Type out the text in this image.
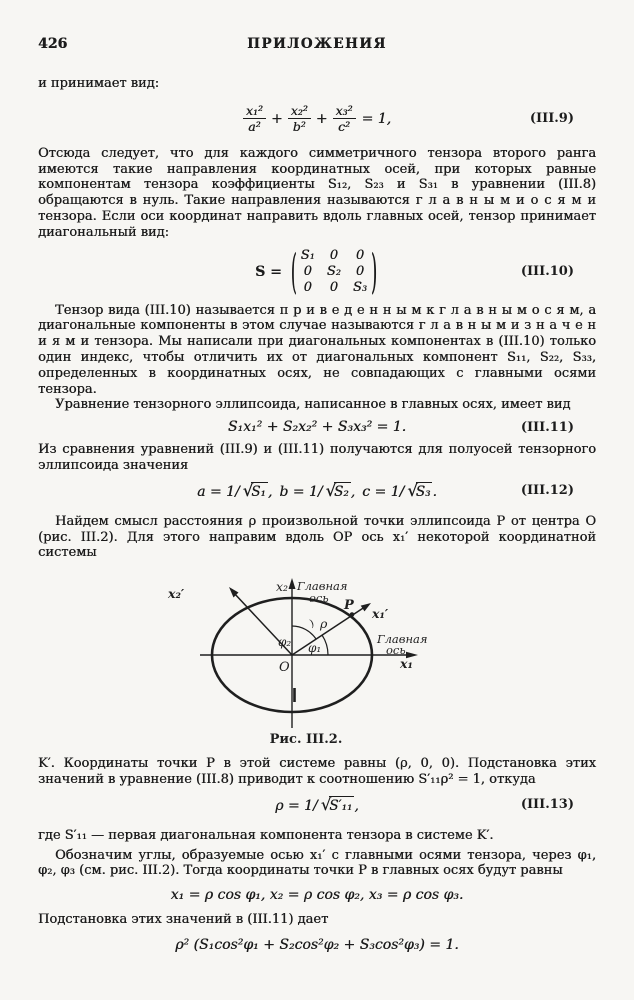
426	ПРИЛОЖЕНИЯ

и принимает вид:

$\frac{\text{x₁²}}{\text{a²}} + \frac{\text{x₂²}}{\text{b²}} + \frac{\text{x₃²}}{\text{c²}} = 1$,	(III.9)

Отсюда следует, что для каждого симметричного тензора второго ранга имеются такие направления координатных осей, при которых равные компонентам тензора коэффициенты S₁₂, S₂₃ и S₃₁ в уравнении (III.8) обращаются в нуль. Такие направления называются г л а в н ы м и о с я м и тензора. Если оси координат направить вдоль главных осей, тензор принимает диагональный вид:

S = ( S₁ 0 0
0 S₂ 0
0 0 S₃ )	(III.10)

Тензор вида (III.10) называется п р и в е д е н н ы м к г л а в н ы м о с я м, а диагональные компоненты в этом случае называются г л а в н ы м и з н а ч е н и я м и тензора. Мы написали при диагональных компонентах в (III.10) только один индекс, чтобы отличить их от диагональных компонент S₁₁, S₂₂, S₃₃, определенных в координатных осях, не совпадающих с главными осями тензора.

Уравнение тензорного эллипсоида, написанное в главных осях, имеет вид

S₁x₁² + S₂x₂² + S₃x₃² = 1.	(III.11)

Из сравнения уравнений (III.9) и (III.11) получаются для полуосей тензорного эллипсоида значения

a = 1/ √ S₁ , b = 1/ √ S₂ , c = 1/ √ S₃ .	(III.12)

Найдем смысл расстояния ρ произвольной точки эллипсоида P от центра O (рис. III.2). Для этого направим вдоль OP ось x₁′ некоторой координатной системы

x₂ Главная
ось
x₂′
P
x₁′
) ρ
φ₂ φ₁
O
Главная
ось
x₁
Рис. III.2.

K′. Координаты точки P в этой системе равны (ρ, 0, 0). Подстановка этих значений в уравнение (III.8) приводит к соотношению S′₁₁ρ² = 1, откуда

ρ = 1/ √ S′₁₁ ,	(III.13)

где S′₁₁ — первая диагональная компонента тензора в системе K′.

Обозначим углы, образуемые осью x₁′ с главными осями тензора, через φ₁, φ₂, φ₃ (см. рис. III.2). Тогда координаты точки P в главных осях будут равны

x₁ = ρ cos φ₁, x₂ = ρ cos φ₂, x₃ = ρ cos φ₃.

Подстановка этих значений в (III.11) дает

ρ² (S₁cos²φ₁ + S₂cos²φ₂ + S₃cos²φ₃) = 1.
